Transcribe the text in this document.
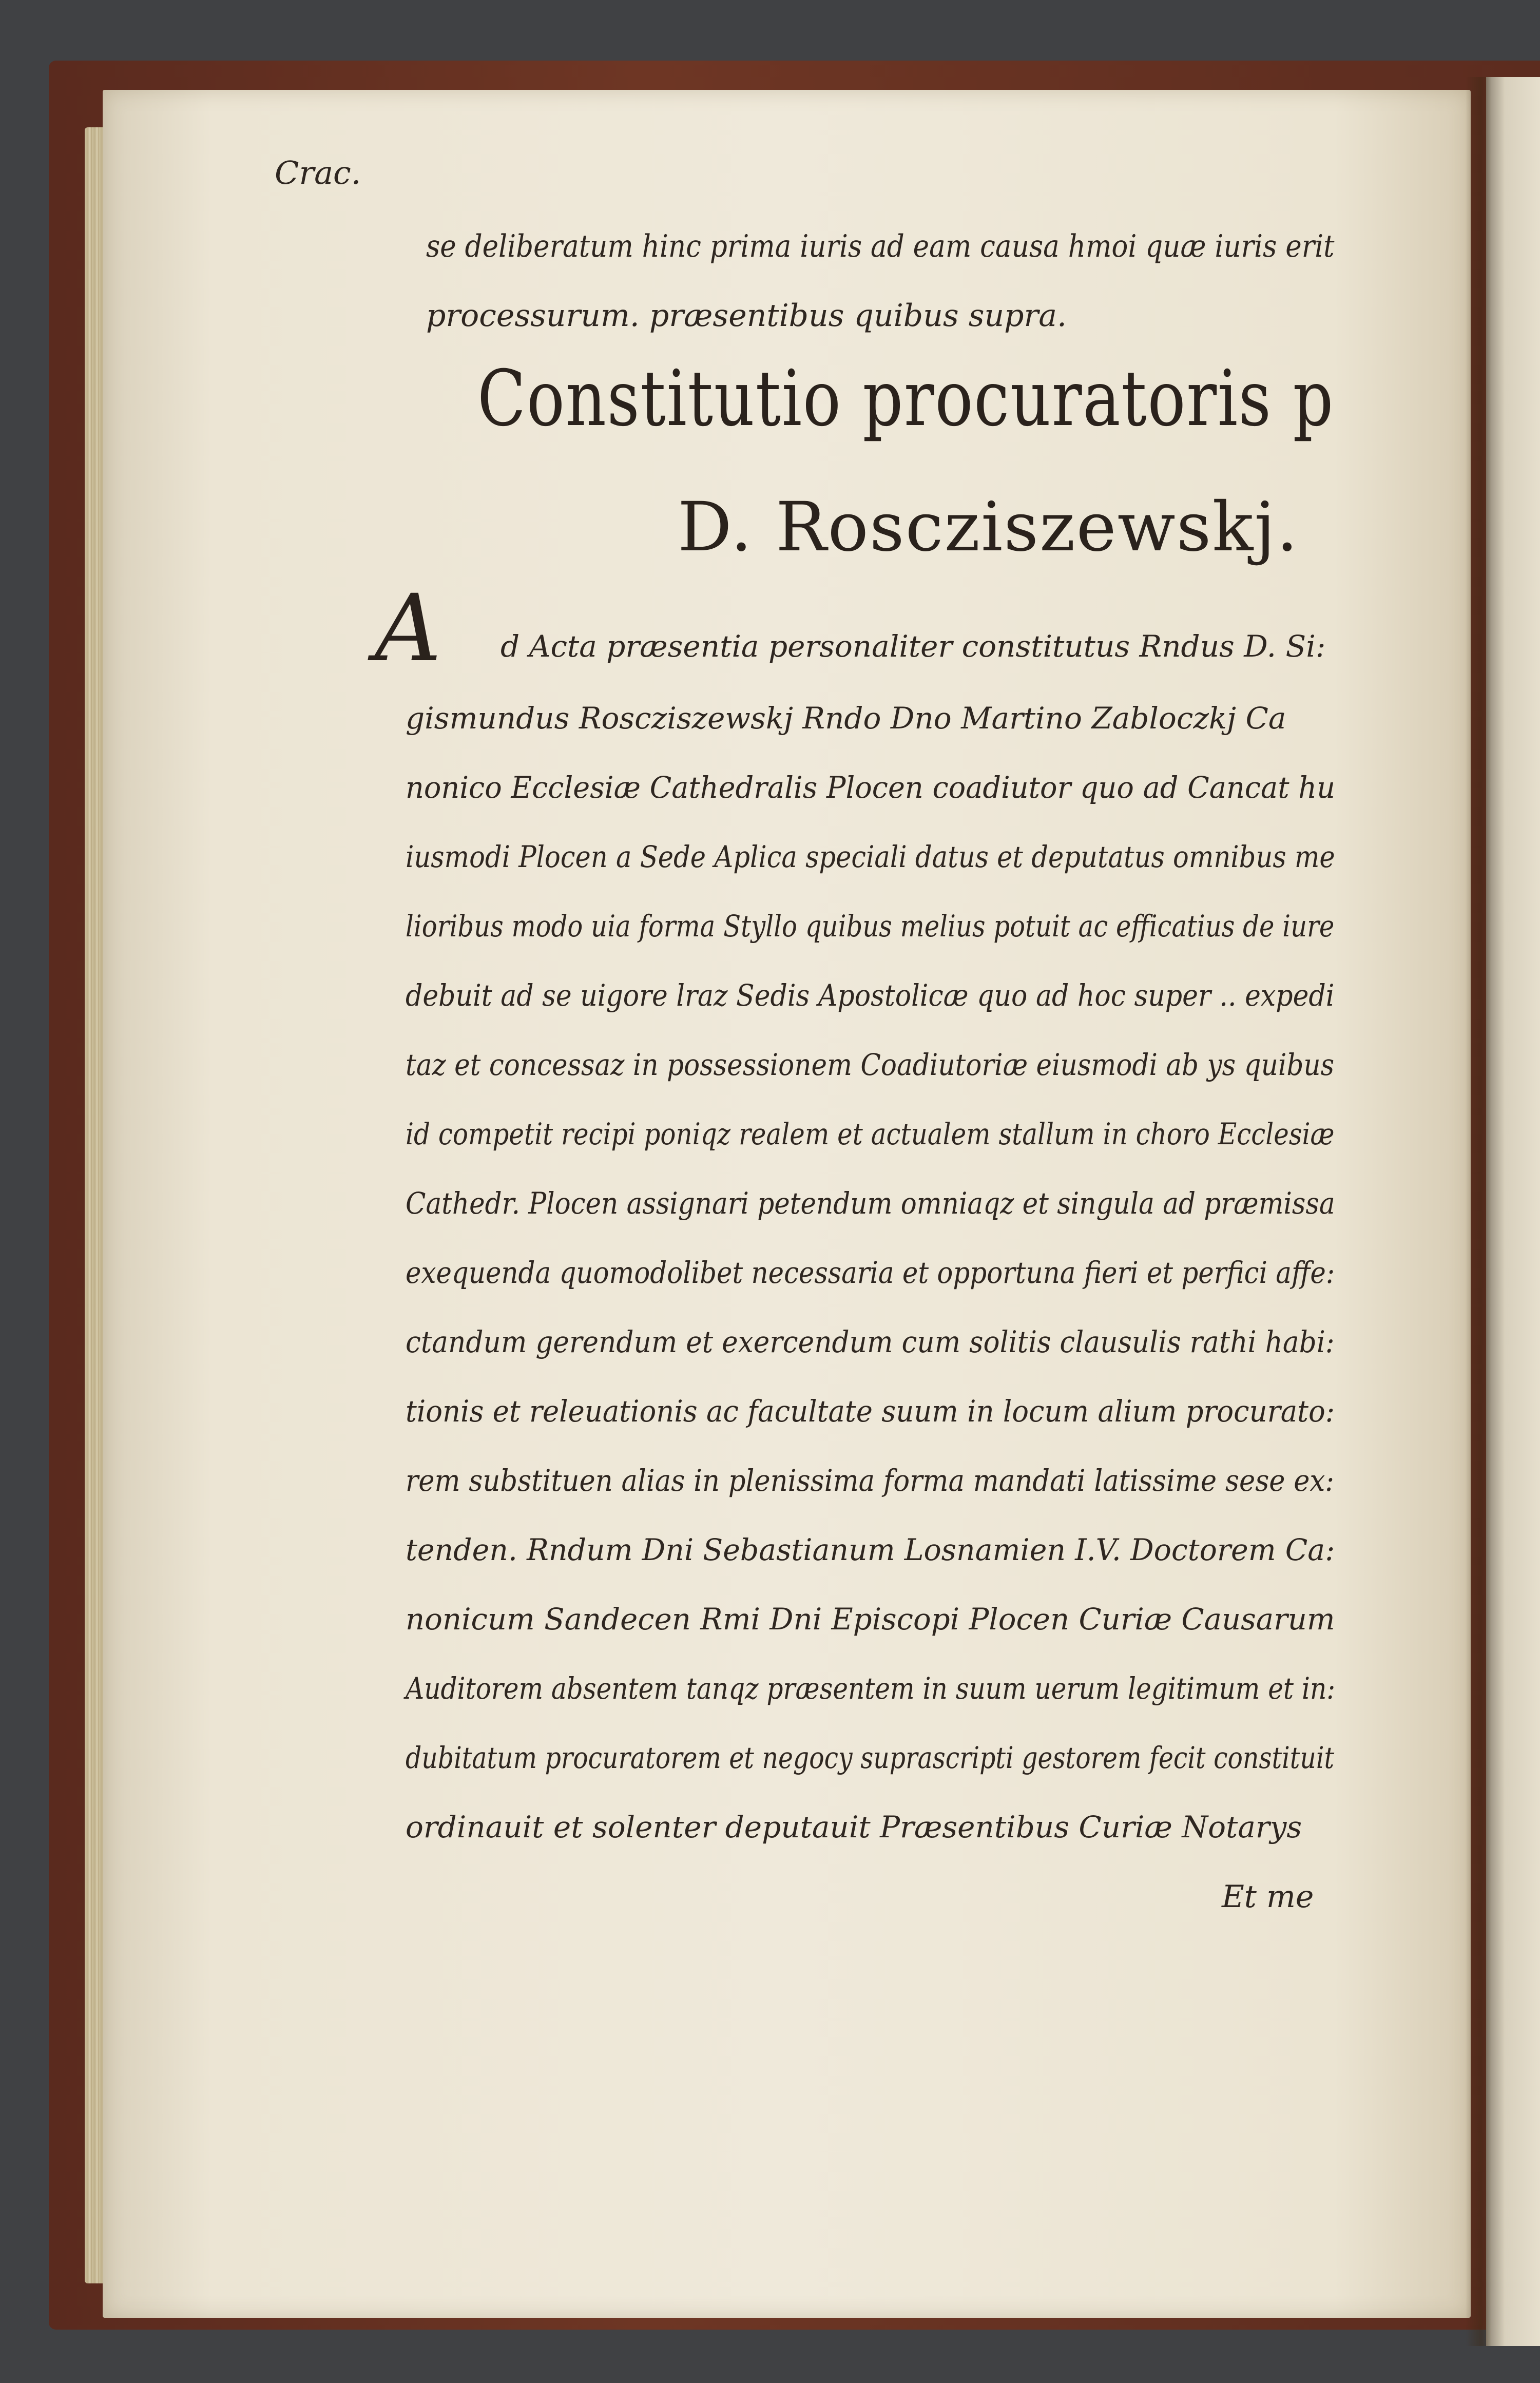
Crac.

se deliberatum hinc prima iuris ad eam causa hmoi quæ iuris erit

processurum. præsentibus quibus supra.

Constitutio procuratoris p

D. Roscziszewskj.

A d Acta præsentia personaliter constitutus Rndus D. Si:

gismundus Roscziszewskj Rndo Dno Martino Zabloczkj Ca

nonico Ecclesiæ Cathedralis Plocen coadiutor quo ad Cancat hu

iusmodi Plocen a Sede Aplica speciali datus et deputatus omnibus me

lioribus modo uia forma Styllo quibus melius potuit ac efficatius de iure

debuit ad se uigore lraz Sedis Apostolicæ quo ad hoc super .. expedi

taz et concessaz in possessionem Coadiutoriæ eiusmodi ab ys quibus

id competit recipi poniqz realem et actualem stallum in choro Ecclesiæ

Cathedr. Plocen assignari petendum omniaqz et singula ad præmissa

exequenda quomodolibet necessaria et opportuna fieri et perfici affe:

ctandum gerendum et exercendum cum solitis clausulis rathi habi:

tionis et releuationis ac facultate suum in locum alium procurato:

rem substituen alias in plenissima forma mandati latissime sese ex:

tenden. Rndum Dni Sebastianum Losnamien I.V. Doctorem Ca:

nonicum Sandecen Rmi Dni Episcopi Plocen Curiæ Causarum

Auditorem absentem tanqz præsentem in suum uerum legitimum et in:

dubitatum procuratorem et negocy suprascripti gestorem fecit constituit

ordinauit et solenter deputauit Præsentibus Curiæ Notarys

Et me
